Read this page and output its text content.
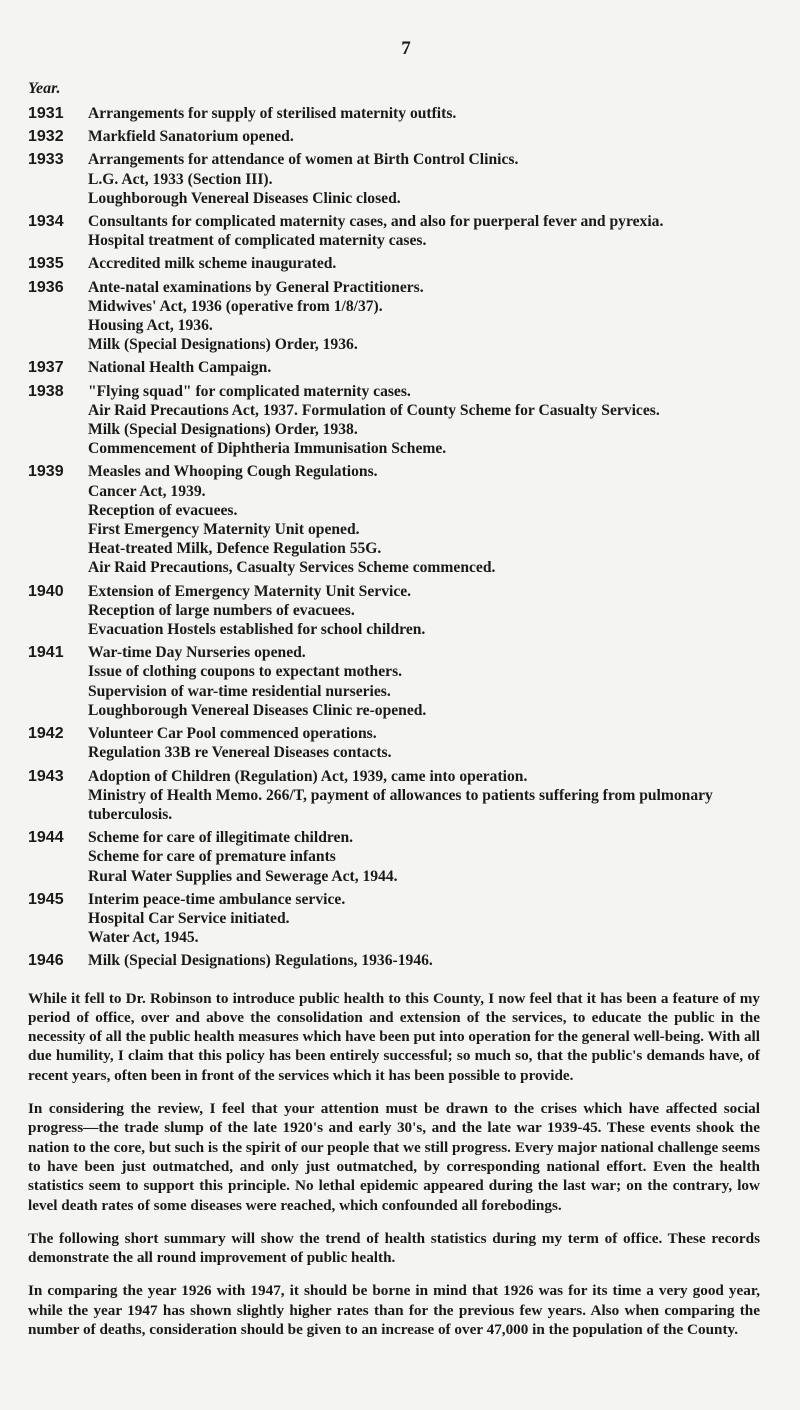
7
Year.
1931	Arrangements for supply of sterilised maternity outfits.
1932	Markfield Sanatorium opened.
1933	Arrangements for attendance of women at Birth Control Clinics.
L.G. Act, 1933 (Section III).
Loughborough Venereal Diseases Clinic closed.
1934	Consultants for complicated maternity cases, and also for puerperal fever and pyrexia.
Hospital treatment of complicated maternity cases.
1935	Accredited milk scheme inaugurated.
1936	Ante-natal examinations by General Practitioners.
Midwives' Act, 1936 (operative from 1/8/37).
Housing Act, 1936.
Milk (Special Designations) Order, 1936.
1937	National Health Campaign.
1938	"Flying squad" for complicated maternity cases.
Air Raid Precautions Act, 1937. Formulation of County Scheme for Casualty Services.
Milk (Special Designations) Order, 1938.
Commencement of Diphtheria Immunisation Scheme.
1939	Measles and Whooping Cough Regulations.
Cancer Act, 1939.
Reception of evacuees.
First Emergency Maternity Unit opened.
Heat-treated Milk, Defence Regulation 55G.
Air Raid Precautions, Casualty Services Scheme commenced.
1940	Extension of Emergency Maternity Unit Service.
Reception of large numbers of evacuees.
Evacuation Hostels established for school children.
1941	War-time Day Nurseries opened.
Issue of clothing coupons to expectant mothers.
Supervision of war-time residential nurseries.
Loughborough Venereal Diseases Clinic re-opened.
1942	Volunteer Car Pool commenced operations.
Regulation 33B re Venereal Diseases contacts.
1943	Adoption of Children (Regulation) Act, 1939, came into operation.
Ministry of Health Memo. 266/T, payment of allowances to patients suffering from pulmonary tuberculosis.
1944	Scheme for care of illegitimate children.
Scheme for care of premature infants
Rural Water Supplies and Sewerage Act, 1944.
1945	Interim peace-time ambulance service.
Hospital Car Service initiated.
Water Act, 1945.
1946	Milk (Special Designations) Regulations, 1936-1946.

While it fell to Dr. Robinson to introduce public health to this County, I now feel that it has been a feature of my period of office, over and above the consolidation and extension of the services, to educate the public in the necessity of all the public health measures which have been put into operation for the general well-being. With all due humility, I claim that this policy has been entirely successful; so much so, that the public's demands have, of recent years, often been in front of the services which it has been possible to provide.

In considering the review, I feel that your attention must be drawn to the crises which have affected social progress—the trade slump of the late 1920's and early 30's, and the late war 1939-45. These events shook the nation to the core, but such is the spirit of our people that we still progress. Every major national challenge seems to have been just outmatched, and only just outmatched, by corresponding national effort. Even the health statistics seem to support this principle. No lethal epidemic appeared during the last war; on the contrary, low level death rates of some diseases were reached, which confounded all forebodings.

The following short summary will show the trend of health statistics during my term of office. These records demonstrate the all round improvement of public health.

In comparing the year 1926 with 1947, it should be borne in mind that 1926 was for its time a very good year, while the year 1947 has shown slightly higher rates than for the previous few years. Also when comparing the number of deaths, consideration should be given to an increase of over 47,000 in the population of the County.
